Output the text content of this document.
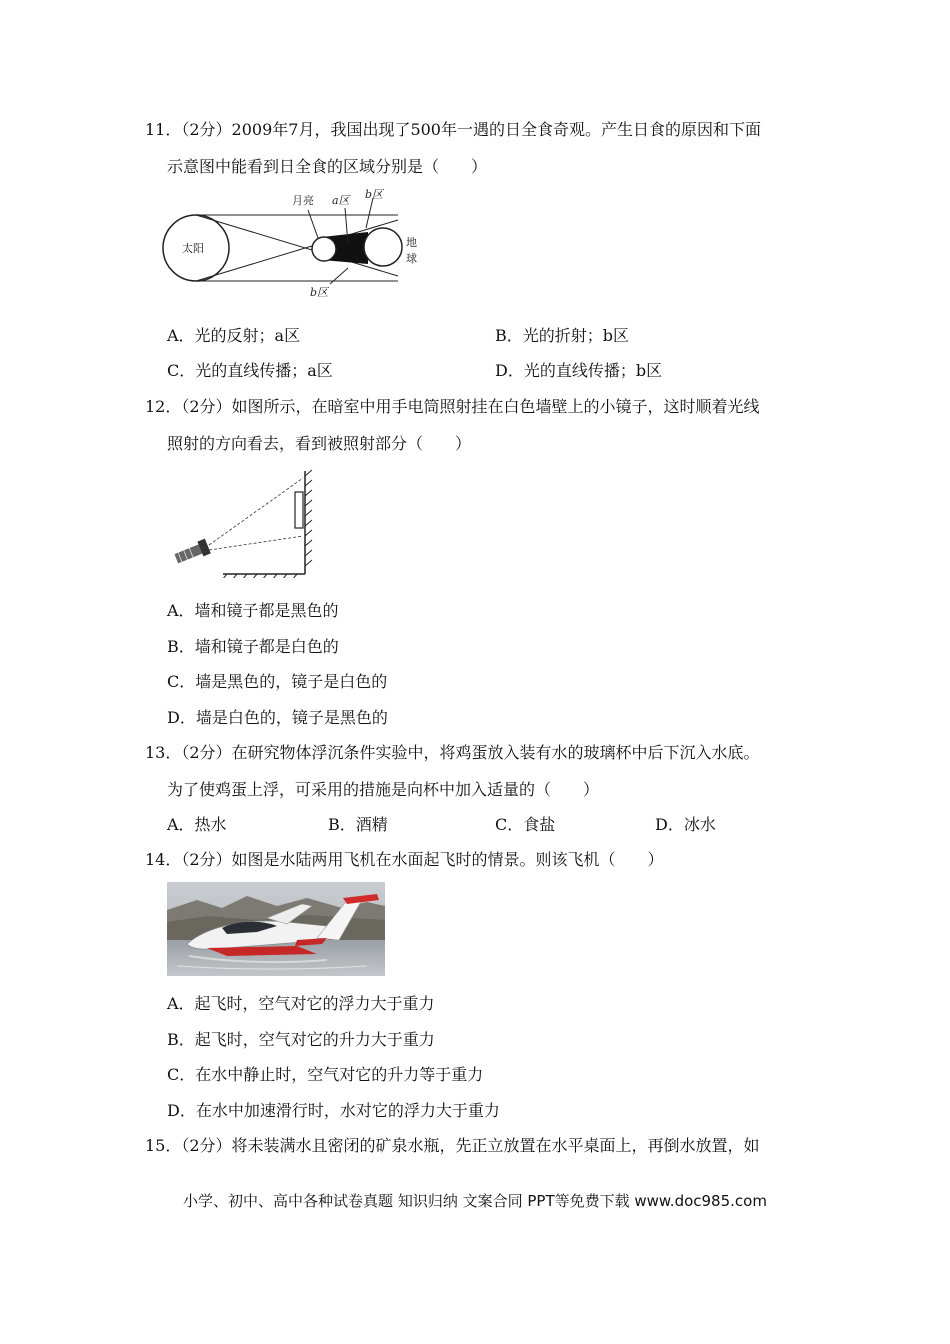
11．（2分）2009年7月，我国出现了500年一遇的日全食奇观。产生日食的原因和下面
示意图中能看到日全食的区域分别是（　　）
太阳
月亮 a区 b区
地
球
b区
A．光的反射；a区	B．光的折射；b区
C．光的直线传播；a区	D．光的直线传播；b区
12．（2分）如图所示，在暗室中用手电筒照射挂在白色墙壁上的小镜子，这时顺着光线
照射的方向看去，看到被照射部分（　　）
A．墙和镜子都是黑色的
B．墙和镜子都是白色的
C．墙是黑色的，镜子是白色的
D．墙是白色的，镜子是黑色的
13．（2分）在研究物体浮沉条件实验中，将鸡蛋放入装有水的玻璃杯中后下沉入水底。
为了使鸡蛋上浮，可采用的措施是向杯中加入适量的（　　）
A．热水	B．酒精	C．食盐	D．冰水
14．（2分）如图是水陆两用飞机在水面起飞时的情景。则该飞机（　　）
A．起飞时，空气对它的浮力大于重力
B．起飞时，空气对它的升力大于重力
C．在水中静止时，空气对它的升力等于重力
D．在水中加速滑行时，水对它的浮力大于重力
15．（2分）将未装满水且密闭的矿泉水瓶，先正立放置在水平桌面上，再倒水放置，如
小学、初中、高中各种试卷真题 知识归纳 文案合同 PPT等免费下载 www.doc985.com
